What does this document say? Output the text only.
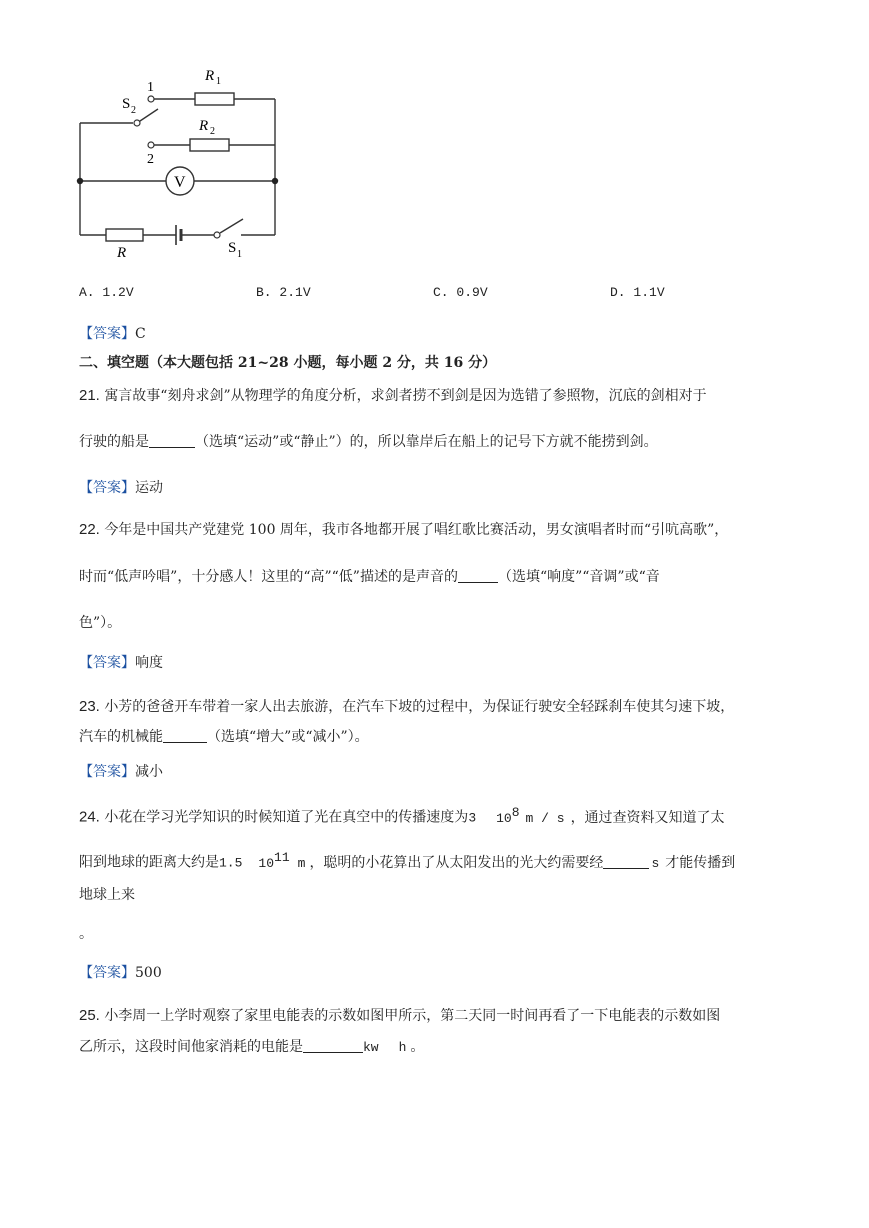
1
2
R 1
R 2
S 2
V
R	S 1
A. 1.2V	B. 2.1V	C. 0.9V	D. 1.1V
【答案】C
二、填空题（本大题包括 21~28 小题，每小题 2 分，共 16 分）
21. 寓言故事“刻舟求剑”从物理学的角度分析，求剑者捞不到剑是因为选错了参照物，沉底的剑相对于
行驶的船是	（选填“运动”或“静止”）的，所以靠岸后在船上的记号下方就不能捞到剑。
【答案】运动
22. 今年是中国共产党建党 100 周年，我市各地都开展了唱红歌比赛活动，男女演唱者时而“引吭高歌”，
时而“低声吟唱”，十分感人！这里的“高”“低”描述的是声音的	（选填“响度”“音调”或“音
色”）。
【答案】响度
23. 小芳的爸爸开车带着一家人出去旅游，在汽车下坡的过程中，为保证行驶安全轻踩刹车使其匀速下坡，
汽车的机械能	（选填“增大”或“减小”）。
【答案】减小
24. 小花在学习光学知识的时候知道了光在真空中的传播速度为3 $10^8$ m / s ，通过查资料又知道了太
阳到地球的距离大约是1.5 $10^{11}$ m ，聪明的小花算出了从太阳发出的光大约需要经	s 才能传播到
地球上来
。
【答案】500
25. 小李周一上学时观察了家里电能表的示数如图甲所示，第二天同一时间再看了一下电能表的示数如图
乙所示，这段时间他家消耗的电能是	kw h 。
